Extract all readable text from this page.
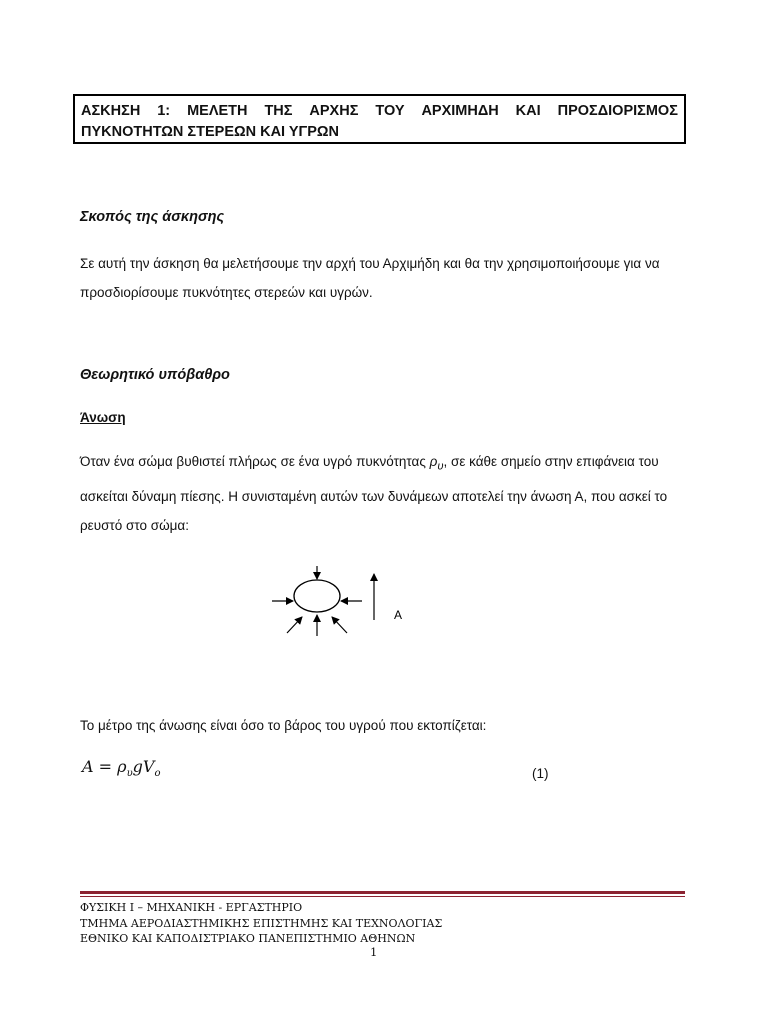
ΑΣΚΗΣΗ 1: ΜΕΛΕΤΗ ΤΗΣ ΑΡΧΗΣ ΤΟΥ ΑΡΧΙΜΗΔΗ ΚΑΙ ΠΡΟΣΔΙΟΡΙΣΜΟΣ
ΠΥΚΝΟΤΗΤΩΝ ΣΤΕΡΕΩΝ ΚΑΙ ΥΓΡΩΝ
Σκοπός της άσκησης
Σε αυτή την άσκηση θα μελετήσουμε την αρχή του Αρχιμήδη και θα την χρησιμοποιήσουμε για να προσδιορίσουμε πυκνότητες στερεών και υγρών.
Θεωρητικό υπόβαθρο
Άνωση
Όταν ένα σώμα βυθιστεί πλήρως σε ένα υγρό πυκνότητας $\rho_\upsilon$, σε κάθε σημείο στην επιφάνεια του ασκείται δύναμη πίεσης. Η συνισταμένη αυτών των δυνάμεων αποτελεί την άνωση Α, που ασκεί το ρευστό στο σώμα:
A
Το μέτρο της άνωσης είναι όσο το βάρος του υγρού που εκτοπίζεται:
$A = \rho_\upsilon gV_o$	(1)
ΦΥΣΙΚΗ Ι – ΜΗΧΑΝΙΚΗ - ΕΡΓΑΣΤΗΡΙΟ
ΤΜΗΜΑ ΑΕΡΟΔΙΑΣΤΗΜΙΚΗΣ ΕΠΙΣΤΗΜΗΣ ΚΑΙ ΤΕΧΝΟΛΟΓΙΑΣ
ΕΘΝΙΚΟ ΚΑΙ ΚΑΠΟΔΙΣΤΡΙΑΚΟ ΠΑΝΕΠΙΣΤΗΜΙΟ ΑΘΗΝΩΝ
1
